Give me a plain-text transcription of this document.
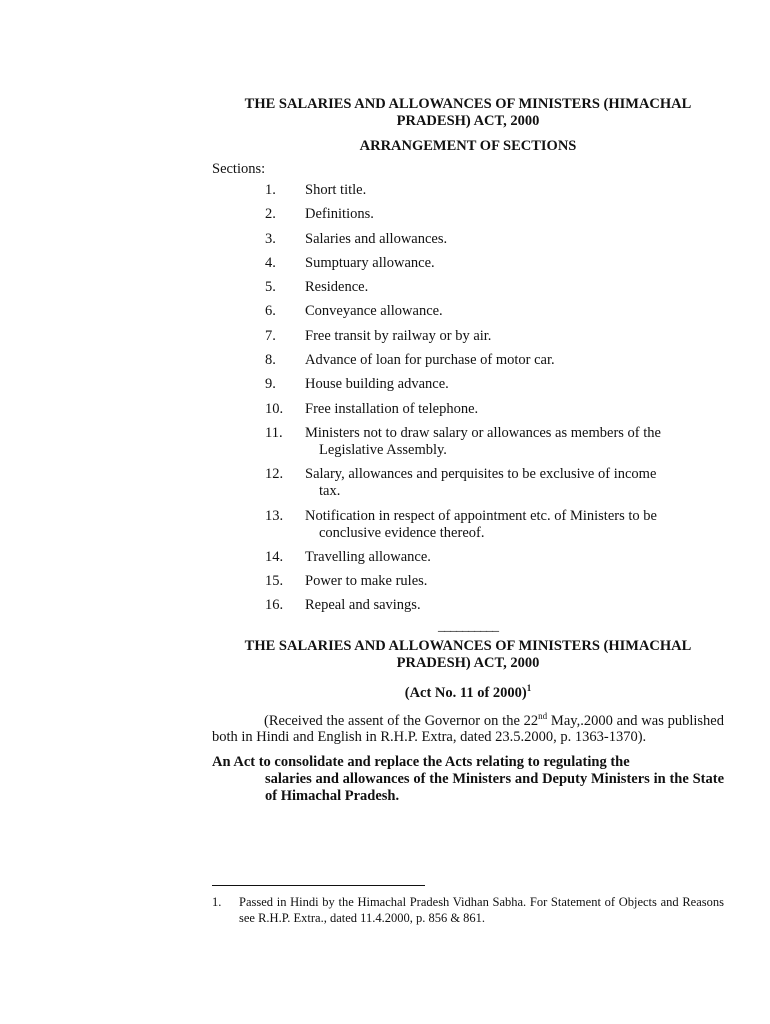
THE SALARIES AND ALLOWANCES OF MINISTERS (HIMACHAL
PRADESH) ACT, 2000

ARRANGEMENT OF SECTIONS

Sections:

1.	Short title.
2.	Definitions.
3.	Salaries and allowances.
4.	Sumptuary allowance.
5.	Residence.
6.	Conveyance allowance.
7.	Free transit by railway or by air.
8.	Advance of loan for purchase of motor car.
9.	House building advance.
10.	Free installation of telephone.
11.	Ministers not to draw salary or allowances as members of the
Legislative Assembly.
12.	Salary, allowances and perquisites to be exclusive of income
tax.
13.	Notification in respect of appointment etc. of Ministers to be
conclusive evidence thereof.
14.	Travelling allowance.
15.	Power to make rules.
16.	Repeal and savings.
__________

THE SALARIES AND ALLOWANCES OF MINISTERS (HIMACHAL
PRADESH) ACT, 2000

(Act No. 11 of 2000)$^1$

(Received the assent of the Governor on the 22nd May,.2000 and was published both in Hindi and English in R.H.P. Extra, dated 23.5.2000, p. 1363-1370).

An Act to consolidate and replace the Acts relating to regulating the
salaries and allowances of the Ministers and Deputy Ministers in the State of Himachal Pradesh.

1.	Passed in Hindi by the Himachal Pradesh Vidhan Sabha. For Statement of Objects and Reasons see R.H.P. Extra., dated 11.4.2000, p. 856 & 861.
